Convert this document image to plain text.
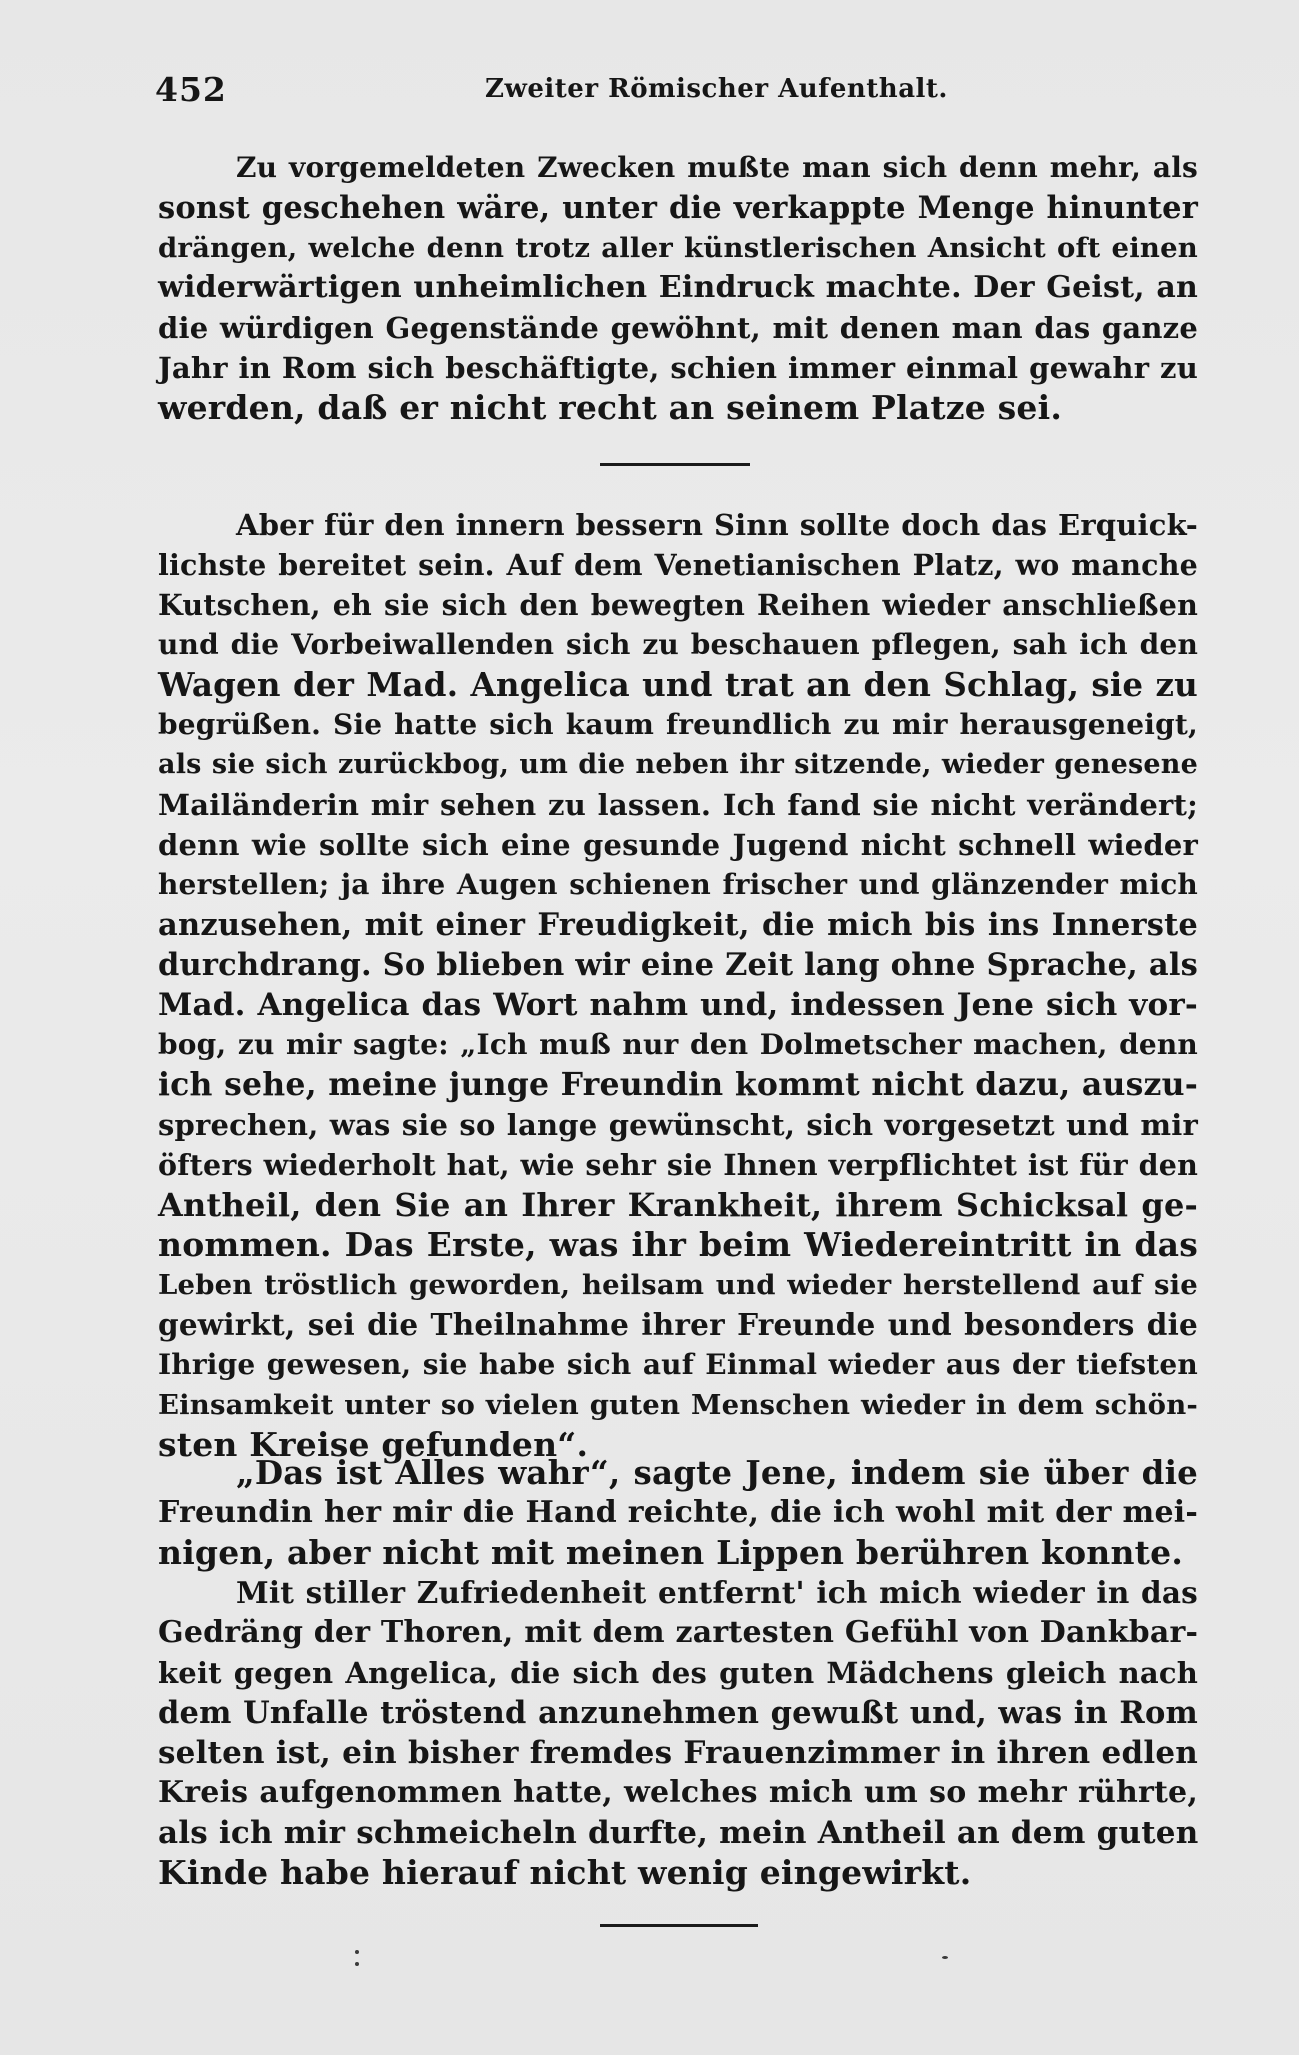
452	Zweiter Römischer Aufenthalt.
Zu vorgemeldeten Zwecken mußte man sich denn mehr, als
sonst geschehen wäre, unter die verkappte Menge hinunter
drängen, welche denn trotz aller künstlerischen Ansicht oft einen
widerwärtigen unheimlichen Eindruck machte. Der Geist, an
die würdigen Gegenstände gewöhnt, mit denen man das ganze
Jahr in Rom sich beschäftigte, schien immer einmal gewahr zu
werden, daß er nicht recht an seinem Platze sei.
Aber für den innern bessern Sinn sollte doch das Erquick-
lichste bereitet sein. Auf dem Venetianischen Platz, wo manche
Kutschen, eh sie sich den bewegten Reihen wieder anschließen
und die Vorbeiwallenden sich zu beschauen pflegen, sah ich den
Wagen der Mad. Angelica und trat an den Schlag, sie zu
begrüßen. Sie hatte sich kaum freundlich zu mir herausgeneigt,
als sie sich zurückbog, um die neben ihr sitzende, wieder genesene
Mailänderin mir sehen zu lassen. Ich fand sie nicht verändert;
denn wie sollte sich eine gesunde Jugend nicht schnell wieder
herstellen; ja ihre Augen schienen frischer und glänzender mich
anzusehen, mit einer Freudigkeit, die mich bis ins Innerste
durchdrang. So blieben wir eine Zeit lang ohne Sprache, als
Mad. Angelica das Wort nahm und, indessen Jene sich vor-
bog, zu mir sagte: „Ich muß nur den Dolmetscher machen, denn
ich sehe, meine junge Freundin kommt nicht dazu, auszu-
sprechen, was sie so lange gewünscht, sich vorgesetzt und mir
öfters wiederholt hat, wie sehr sie Ihnen verpflichtet ist für den
Antheil, den Sie an Ihrer Krankheit, ihrem Schicksal ge-
nommen. Das Erste, was ihr beim Wiedereintritt in das
Leben tröstlich geworden, heilsam und wieder herstellend auf sie
gewirkt, sei die Theilnahme ihrer Freunde und besonders die
Ihrige gewesen, sie habe sich auf Einmal wieder aus der tiefsten
Einsamkeit unter so vielen guten Menschen wieder in dem schön-
sten Kreise gefunden“.
„Das ist Alles wahr“, sagte Jene, indem sie über die
Freundin her mir die Hand reichte, die ich wohl mit der mei-
nigen, aber nicht mit meinen Lippen berühren konnte.
Mit stiller Zufriedenheit entfernt' ich mich wieder in das
Gedräng der Thoren, mit dem zartesten Gefühl von Dankbar-
keit gegen Angelica, die sich des guten Mädchens gleich nach
dem Unfalle tröstend anzunehmen gewußt und, was in Rom
selten ist, ein bisher fremdes Frauenzimmer in ihren edlen
Kreis aufgenommen hatte, welches mich um so mehr rührte,
als ich mir schmeicheln durfte, mein Antheil an dem guten
Kinde habe hierauf nicht wenig eingewirkt.
